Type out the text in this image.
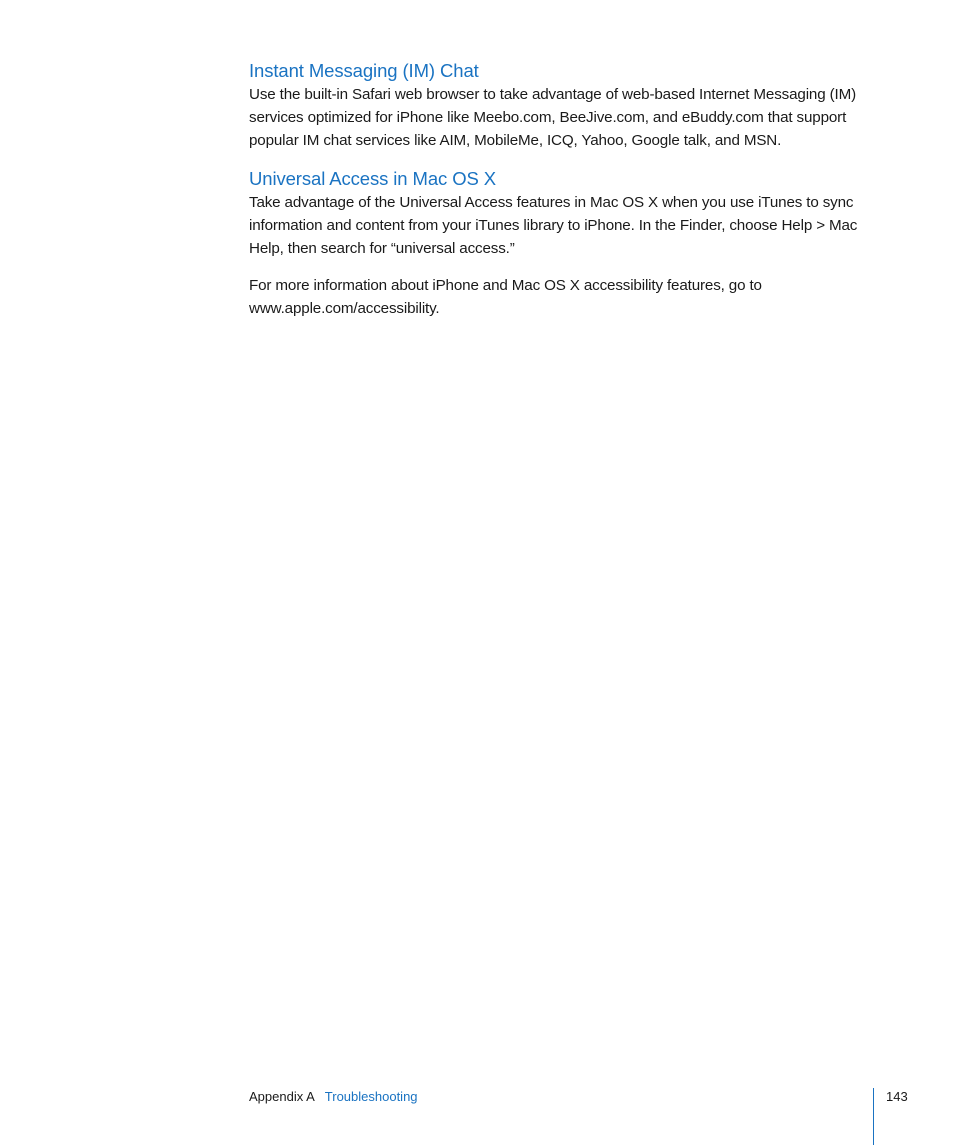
Instant Messaging (IM) Chat

Use the built-in Safari web browser to take advantage of web-based Internet Messaging (IM) services optimized for iPhone like Meebo.com, BeeJive.com, and eBuddy.com that support popular IM chat services like AIM, MobileMe, ICQ, Yahoo, Google talk, and MSN.

Universal Access in Mac OS X

Take advantage of the Universal Access features in Mac OS X when you use iTunes to sync information and content from your iTunes library to iPhone. In the Finder, choose Help > Mac Help, then search for “universal access.”

For more information about iPhone and Mac OS X accessibility features, go to www.apple.com/accessibility.

Appendix A Troubleshooting	143
